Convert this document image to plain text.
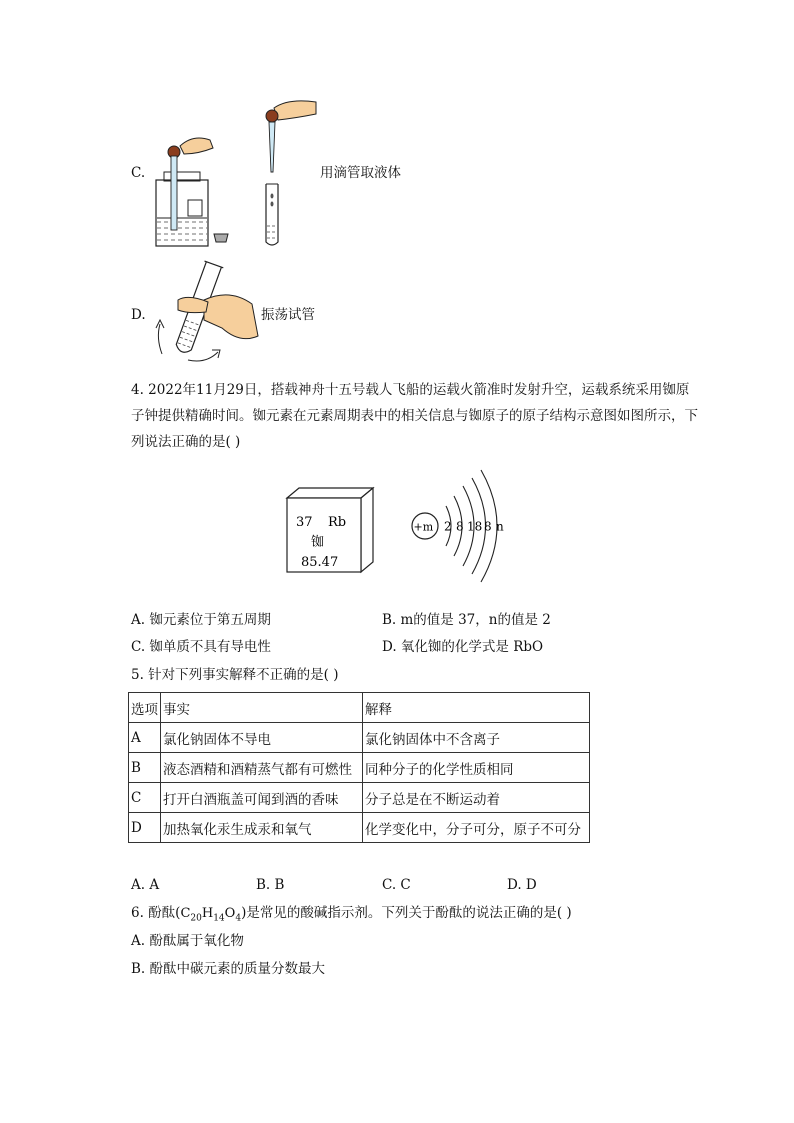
C.	用滴管取液体
D.	振荡试管
4. 2022年11月29日，搭载神舟十五号载人飞船的运载火箭准时发射升空，运载系统采用铷原子钟提供精确时间。铷元素在元素周期表中的相关信息与铷原子的原子结构示意图如图所示，下列说法正确的是( )
37 Rb
铷
85.47
+m 2 8 18 8 n
A. 铷元素位于第五周期	B. m的值是 37，n的值是 2
C. 铷单质不具有导电性	D. 氧化铷的化学式是 RbO
5. 针对下列事实解释不正确的是( )
选项	事实	解释
A	氯化钠固体不导电	氯化钠固体中不含离子
B	液态酒精和酒精蒸气都有可燃性	同种分子的化学性质相同
C	打开白酒瓶盖可闻到酒的香味	分子总是在不断运动着
D	加热氧化汞生成汞和氧气	化学变化中，分子可分，原子不可分
A. A	B. B	C. C	D. D
6. 酚酞$(C_{20}H_{14}O_4)$是常见的酸碱指示剂。下列关于酚酞的说法正确的是( )
A. 酚酞属于氧化物
B. 酚酞中碳元素的质量分数最大
